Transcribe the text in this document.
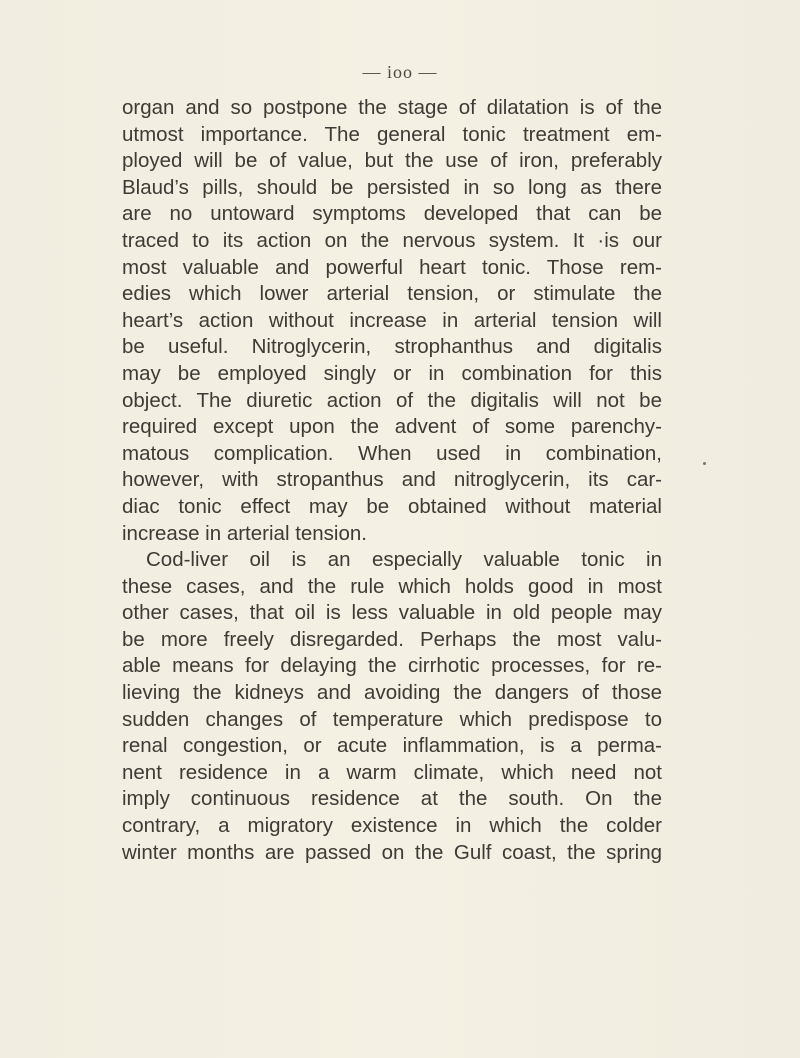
— ioo —
organ and so postpone the stage of dilatation is of the
utmost importance. The general tonic treatment em-
ployed will be of value, but the use of iron, preferably
Blaud’s pills, should be persisted in so long as there
are no untoward symptoms developed that can be
traced to its action on the nervous system. It ·is our
most valuable and powerful heart tonic. Those rem-
edies which lower arterial tension, or stimulate the
heart’s action without increase in arterial tension will
be useful. Nitroglycerin, strophanthus and digitalis
may be employed singly or in combination for this
object. The diuretic action of the digitalis will not be
required except upon the advent of some parenchy-
matous complication. When used in combination,
however, with stropanthus and nitroglycerin, its car-
diac tonic effect may be obtained without material
increase in arterial tension.
Cod-liver oil is an especially valuable tonic in
these cases, and the rule which holds good in most
other cases, that oil is less valuable in old people may
be more freely disregarded. Perhaps the most valu-
able means for delaying the cirrhotic processes, for re-
lieving the kidneys and avoiding the dangers of those
sudden changes of temperature which predispose to
renal congestion, or acute inflammation, is a perma-
nent residence in a warm climate, which need not
imply continuous residence at the south. On the
contrary, a migratory existence in which the colder
winter months are passed on the Gulf coast, the spring
